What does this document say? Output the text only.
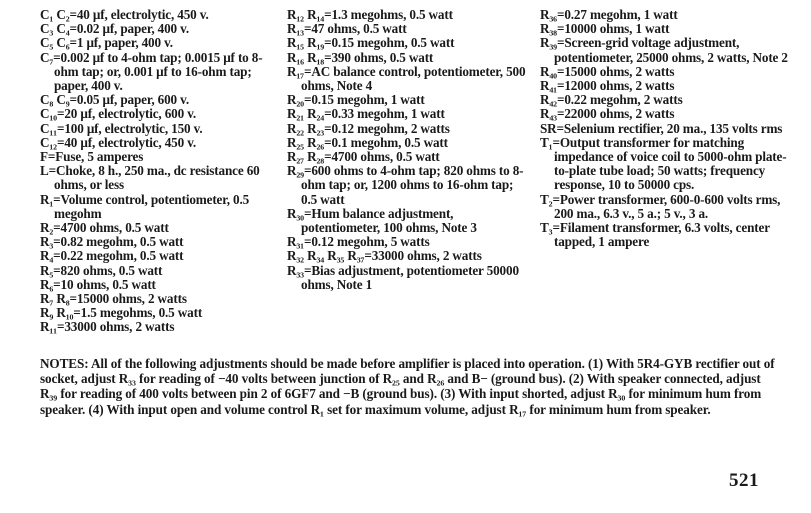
C₁ C₂=40 μf, electrolytic, 450 v.

C₃ C₄=0.02 μf, paper, 400 v.

C₅ C₆=1 μf, paper, 400 v.

C₇=0.002 μf to 4-ohm tap; 0.0015 μf to 8-ohm tap; or, 0.001 μf to 16-ohm tap; paper, 400 v.

C₈ C₉=0.05 μf, paper, 600 v.

C₁₀=20 μf, electrolytic, 600 v.

C₁₁=100 μf, electrolytic, 150 v.

C₁₂=40 μf, electrolytic, 450 v.

F=Fuse, 5 amperes

L=Choke, 8 h., 250 ma., dc resistance 60 ohms, or less

R₁=Volume control, potentiometer, 0.5 megohm

R₂=4700 ohms, 0.5 watt

R₃=0.82 megohm, 0.5 watt

R₄=0.22 megohm, 0.5 watt

R₅=820 ohms, 0.5 watt

R₆=10 ohms, 0.5 watt

R₇ R₈=15000 ohms, 2 watts

R₉ R₁₀=1.5 megohms, 0.5 watt

R₁₁=33000 ohms, 2 watts

R₁₂ R₁₄=1.3 megohms, 0.5 watt

R₁₃=47 ohms, 0.5 watt

R₁₅ R₁₉=0.15 megohm, 0.5 watt

R₁₆ R₁₈=390 ohms, 0.5 watt

R₁₇=AC balance control, potentiometer, 500 ohms, Note 4

R₂₀=0.15 megohm, 1 watt

R₂₁ R₂₄=0.33 megohm, 1 watt

R₂₂ R₂₃=0.12 megohm, 2 watts

R₂₅ R₂₆=0.1 megohm, 0.5 watt

R₂₇ R₂₈=4700 ohms, 0.5 watt

R₂₉=600 ohms to 4-ohm tap; 820 ohms to 8-ohm tap; or, 1200 ohms to 16-ohm tap; 0.5 watt

R₃₀=Hum balance adjustment, potentiometer, 100 ohms, Note 3

R₃₁=0.12 megohm, 5 watts

R₃₂ R₃₄ R₃₅ R₃₇=33000 ohms, 2 watts

R₃₃=Bias adjustment, potentiometer 50000 ohms, Note 1

R₃₆=0.27 megohm, 1 watt

R₃₈=10000 ohms, 1 watt

R₃₉=Screen-grid voltage adjustment, potentiometer, 25000 ohms, 2 watts, Note 2

R₄₀=15000 ohms, 2 watts

R₄₁=12000 ohms, 2 watts

R₄₂=0.22 megohm, 2 watts

R₄₃=22000 ohms, 2 watts

SR=Selenium rectifier, 20 ma., 135 volts rms

T₁=Output transformer for matching impedance of voice coil to 5000-ohm plate-to-plate tube load; 50 watts; frequency response, 10 to 50000 cps.

T₂=Power transformer, 600-0-600 volts rms, 200 ma., 6.3 v., 5 a.; 5 v., 3 a.

T₃=Filament transformer, 6.3 volts, center tapped, 1 ampere

NOTES: All of the following adjustments should be made before amplifier is placed into operation. (1) With 5R4-GYB rectifier out of socket, adjust R₃₃ for reading of −40 volts between junction of R₂₅ and R₂₆ and B− (ground bus). (2) With speaker connected, adjust R₃₉ for reading of 400 volts between pin 2 of 6GF7 and −B (ground bus). (3) With input shorted, adjust R₃₀ for minimum hum from speaker. (4) With input open and volume control R₁ set for maximum volume, adjust R₁₇ for minimum hum from speaker.

521
